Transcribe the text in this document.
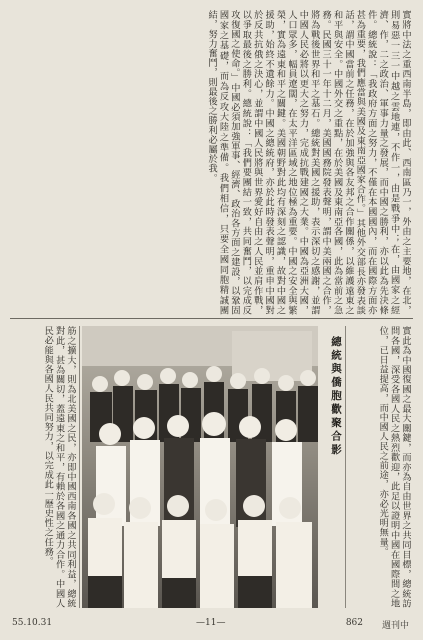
實將中法之重西南半島，即由此、西南區乃一，外由之主要地，在北，則易惡一三一中越之雲地連，不作一，由是戰爭中；在，由國家之經濟、作，二之政治、軍事力量之發展，而中國之勝利，亦以此為先決條件。總統說：「我政府方面之努力，不僅在本國國內，而在國際方面亦甚為重要，我們應當與美國及東南亞國家合作。」其他外交部長亦發表談話，謂中國當前之任務，在於加強與各友邦之合作關係，以維護遠東之和平與安全。中國外交之重點，在於美國及東南亞各國，此為當前之急務。民國三十一年十二月，美國國務院發表聲明，謂中美兩國之合作，將為戰後世界和平之基石。總統對美國之援助，表示深切之感謝，並謂中國人民必將以更大之努力，完成抗戰建國之大業。中國為亞洲大國，人口眾多，幅員遼闊，在太平洋區域之地位極為重要。中國之安全與繁榮，實為遠東和平之關鍵。美國朝野對此均有深刻之認識，故對中國之援助，始終不遺餘力。中國之總統府，亦於此時發表聲明，重申中國對於反共抗俄之決心，並謂中國人民將與世界愛好自由之人民並肩作戰，以爭取最後之勝利。總統說：「我們要團結一致，共同奮鬥，以完成反攻復國之使命。」中國必須加強軍事、經濟、政治各方面之建設，以鞏固國家之基礎，而為反攻大陸之準備。我們相信，只要全國同胞精誠團結，努力奮鬥，則最後之勝利必屬於我。
實此為中國復國之最大關鍵，而亦為自由世界之共同目標，總統訪問各國，深受各國人民之熱烈歡迎，此足以證明中國在國際間之地位，已日益提高，而中國人民之前途，亦必光明無量。
總統與僑胞歡聚合影
筋之擴大，則為北美國之民，亦即中國西南各國之共同利益，總統對此，甚為關切，蓋遠東之和平，有賴於各國之通力合作。中國人民必能與各國人民共同努力，以完成此一歷史性之任務。
55.10.31	—11—	862 週刊中
